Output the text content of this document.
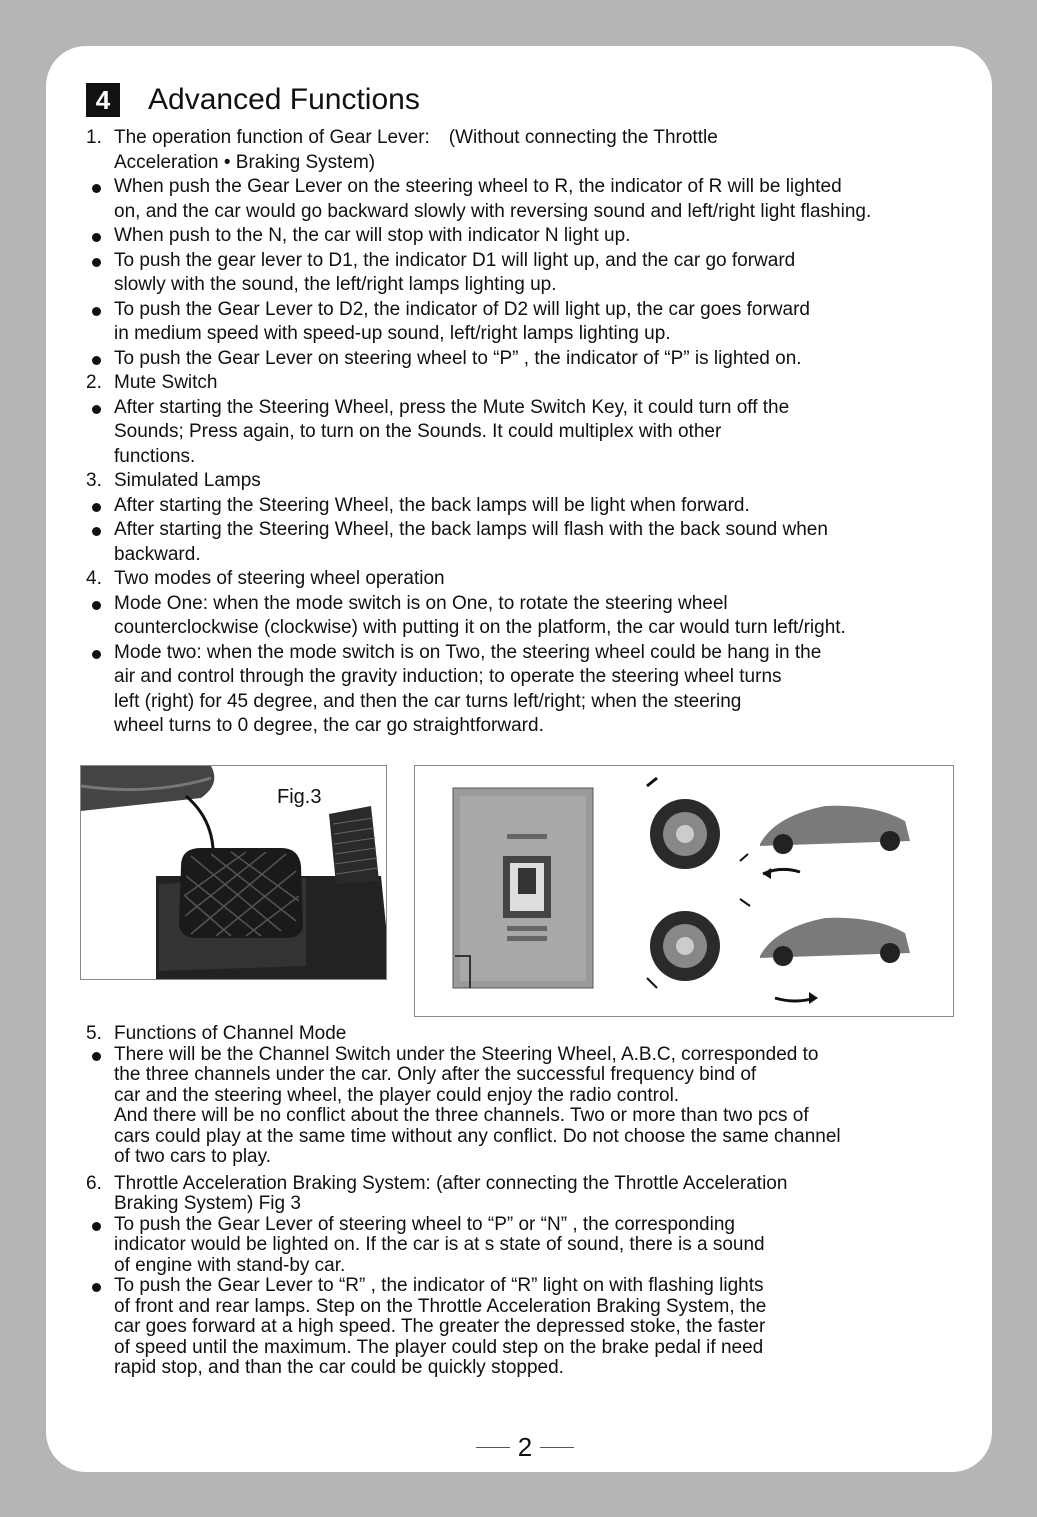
4	Advanced Functions
1. The operation function of Gear Lever:　(Without connecting the Throttle
Acceleration • Braking System)
When push the Gear Lever on the steering wheel to R, the indicator of R will be lighted
on, and the car would go backward slowly with reversing sound and left/right light flashing.
When push to the N, the car will stop with indicator N light up.
To push the gear lever to D1, the indicator D1 will light up, and the car go forward
slowly with the sound, the left/right lamps lighting up.
To push the Gear Lever to D2, the indicator of D2 will light up, the car goes forward
in medium speed with speed-up sound, left/right lamps lighting up.
To push the Gear Lever on steering wheel to “P” , the indicator of “P” is lighted on.
2. Mute Switch
After starting the Steering Wheel, press the Mute Switch Key, it could turn off the
Sounds; Press again, to turn on the Sounds. It could multiplex with other
functions.
3. Simulated Lamps
After starting the Steering Wheel, the back lamps will be light when forward.
After starting the Steering Wheel, the back lamps will flash with the back sound when
backward.
4. Two modes of steering wheel operation
Mode One: when the mode switch is on One, to rotate the steering wheel
counterclockwise (clockwise) with putting it on the platform, the car would turn left/right.
Mode two: when the mode switch is on Two, the steering wheel could be hang in the
air and control through the gravity induction; to operate the steering wheel turns
left (right) for 45 degree, and then the car turns left/right; when the steering
wheel turns to 0 degree, the car go straightforward.
Fig.3
5. Functions of Channel Mode
There will be the Channel Switch under the Steering Wheel, A.B.C, corresponded to
the three channels under the car. Only after the successful frequency bind of
car and the steering wheel, the player could enjoy the radio control.
And there will be no conflict about the three channels. Two or more than two pcs of
cars could play at the same time without any conflict. Do not choose the same channel
of two cars to play.
6. Throttle Acceleration Braking System: (after connecting the Throttle Acceleration
Braking System) Fig 3
To push the Gear Lever of steering wheel to “P” or “N” , the corresponding
indicator would be lighted on. If the car is at s state of sound, there is a sound
of engine with stand-by car.
To push the Gear Lever to “R” , the indicator of “R” light on with flashing lights
of front and rear lamps. Step on the Throttle Acceleration Braking System, the
car goes forward at a high speed. The greater the depressed stoke, the faster
of speed until the maximum. The player could step on the brake pedal if need
rapid stop, and than the car could be quickly stopped.
2
